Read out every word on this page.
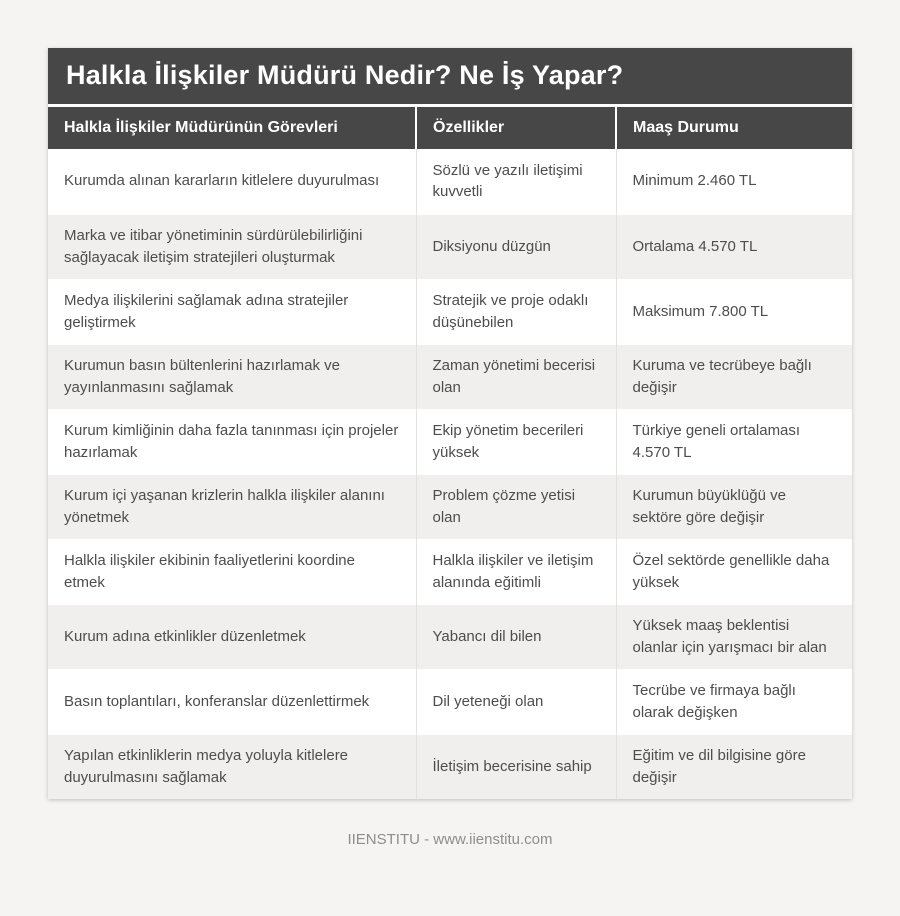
Halkla İlişkiler Müdürü Nedir? Ne İş Yapar?
Halkla İlişkiler Müdürünün Görevleri	Özellikler	Maaş Durumu
Kurumda alınan kararların kitlelere duyurulması	Sözlü ve yazılı iletişimi kuvvetli	Minimum 2.460 TL
Marka ve itibar yönetiminin sürdürülebilirliğini sağlayacak iletişim stratejileri oluşturmak	Diksiyonu düzgün	Ortalama 4.570 TL
Medya ilişkilerini sağlamak adına stratejiler geliştirmek	Stratejik ve proje odaklı düşünebilen	Maksimum 7.800 TL
Kurumun basın bültenlerini hazırlamak ve yayınlanmasını sağlamak	Zaman yönetimi becerisi olan	Kuruma ve tecrübeye bağlı değişir
Kurum kimliğinin daha fazla tanınması için projeler hazırlamak	Ekip yönetim becerileri yüksek	Türkiye geneli ortalaması 4.570 TL
Kurum içi yaşanan krizlerin halkla ilişkiler alanını yönetmek	Problem çözme yetisi olan	Kurumun büyüklüğü ve sektöre göre değişir
Halkla ilişkiler ekibinin faaliyetlerini koordine etmek	Halkla ilişkiler ve iletişim alanında eğitimli	Özel sektörde genellikle daha yüksek
Kurum adına etkinlikler düzenletmek	Yabancı dil bilen	Yüksek maaş beklentisi olanlar için yarışmacı bir alan
Basın toplantıları, konferanslar düzenlettirmek	Dil yeteneği olan	Tecrübe ve firmaya bağlı olarak değişken
Yapılan etkinliklerin medya yoluyla kitlelere duyurulmasını sağlamak	İletişim becerisine sahip	Eğitim ve dil bilgisine göre değişir
IIENSTITU - www.iienstitu.com
